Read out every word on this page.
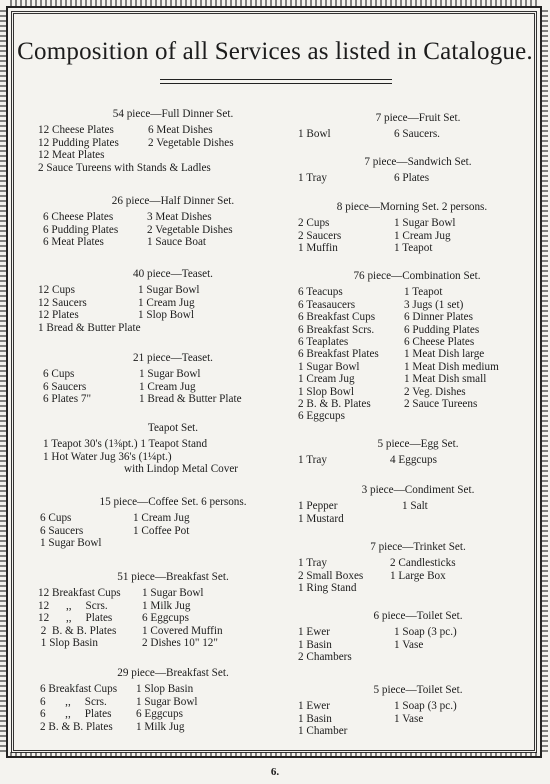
Composition of all Services as listed in Catalogue.
54 piece—Full Dinner Set.
12 Cheese Plates	6 Meat Dishes
12 Pudding Plates	2 Vegetable Dishes
12 Meat Plates
2 Sauce Tureens with Stands & Ladles
26 piece—Half Dinner Set.
6 Cheese Plates	3 Meat Dishes
6 Pudding Plates	2 Vegetable Dishes
6 Meat Plates	1 Sauce Boat
40 piece—Teaset.
12 Cups	1 Sugar Bowl
12 Saucers	1 Cream Jug
12 Plates	1 Slop Bowl
1 Bread & Butter Plate
21 piece—Teaset.
6 Cups	1 Sugar Bowl
6 Saucers	1 Cream Jug
6 Plates 7"	1 Bread & Butter Plate
Teapot Set.
1 Teapot 30's (1⅜pt.) 1 Teapot Stand
1 Hot Water Jug 36's (1¼pt.)
with Lindop Metal Cover
15 piece—Coffee Set. 6 persons.
6 Cups	1 Cream Jug
6 Saucers	1 Coffee Pot
1 Sugar Bowl
51 piece—Breakfast Set.
12 Breakfast Cups	1 Sugar Bowl
12      ,,     Scrs.	1 Milk Jug
12      ,,     Plates	6 Eggcups
2  B. & B. Plates	1 Covered Muffin
1 Slop Basin	2 Dishes 10" 12"
29 piece—Breakfast Set.
6 Breakfast Cups	1 Slop Basin
6       ,,     Scrs.	1 Sugar Bowl
6       ,,     Plates	6 Eggcups
2 B. & B. Plates	1 Milk Jug
7 piece—Fruit Set.
1 Bowl	6 Saucers.
7 piece—Sandwich Set.
1 Tray	6 Plates
8 piece—Morning Set. 2 persons.
2 Cups	1 Sugar Bowl
2 Saucers	1 Cream Jug
1 Muffin	1 Teapot
76 piece—Combination Set.
6 Teacups	1 Teapot
6 Teasaucers	3 Jugs (1 set)
6 Breakfast Cups	6 Dinner Plates
6 Breakfast Scrs.	6 Pudding Plates
6 Teaplates	6 Cheese Plates
6 Breakfast Plates	1 Meat Dish large
1 Sugar Bowl	1 Meat Dish medium
1 Cream Jug	1 Meat Dish small
1 Slop Bowl	2 Veg. Dishes
2 B. & B. Plates	2 Sauce Tureens
6 Eggcups
5 piece—Egg Set.
1 Tray	4 Eggcups
3 piece—Condiment Set.
1 Pepper	1 Salt
1 Mustard
7 piece—Trinket Set.
1 Tray	2 Candlesticks
2 Small Boxes	1 Large Box
1 Ring Stand
6 piece—Toilet Set.
1 Ewer	1 Soap (3 pc.)
1 Basin	1 Vase
2 Chambers
5 piece—Toilet Set.
1 Ewer	1 Soap (3 pc.)
1 Basin	1 Vase
1 Chamber
6.
